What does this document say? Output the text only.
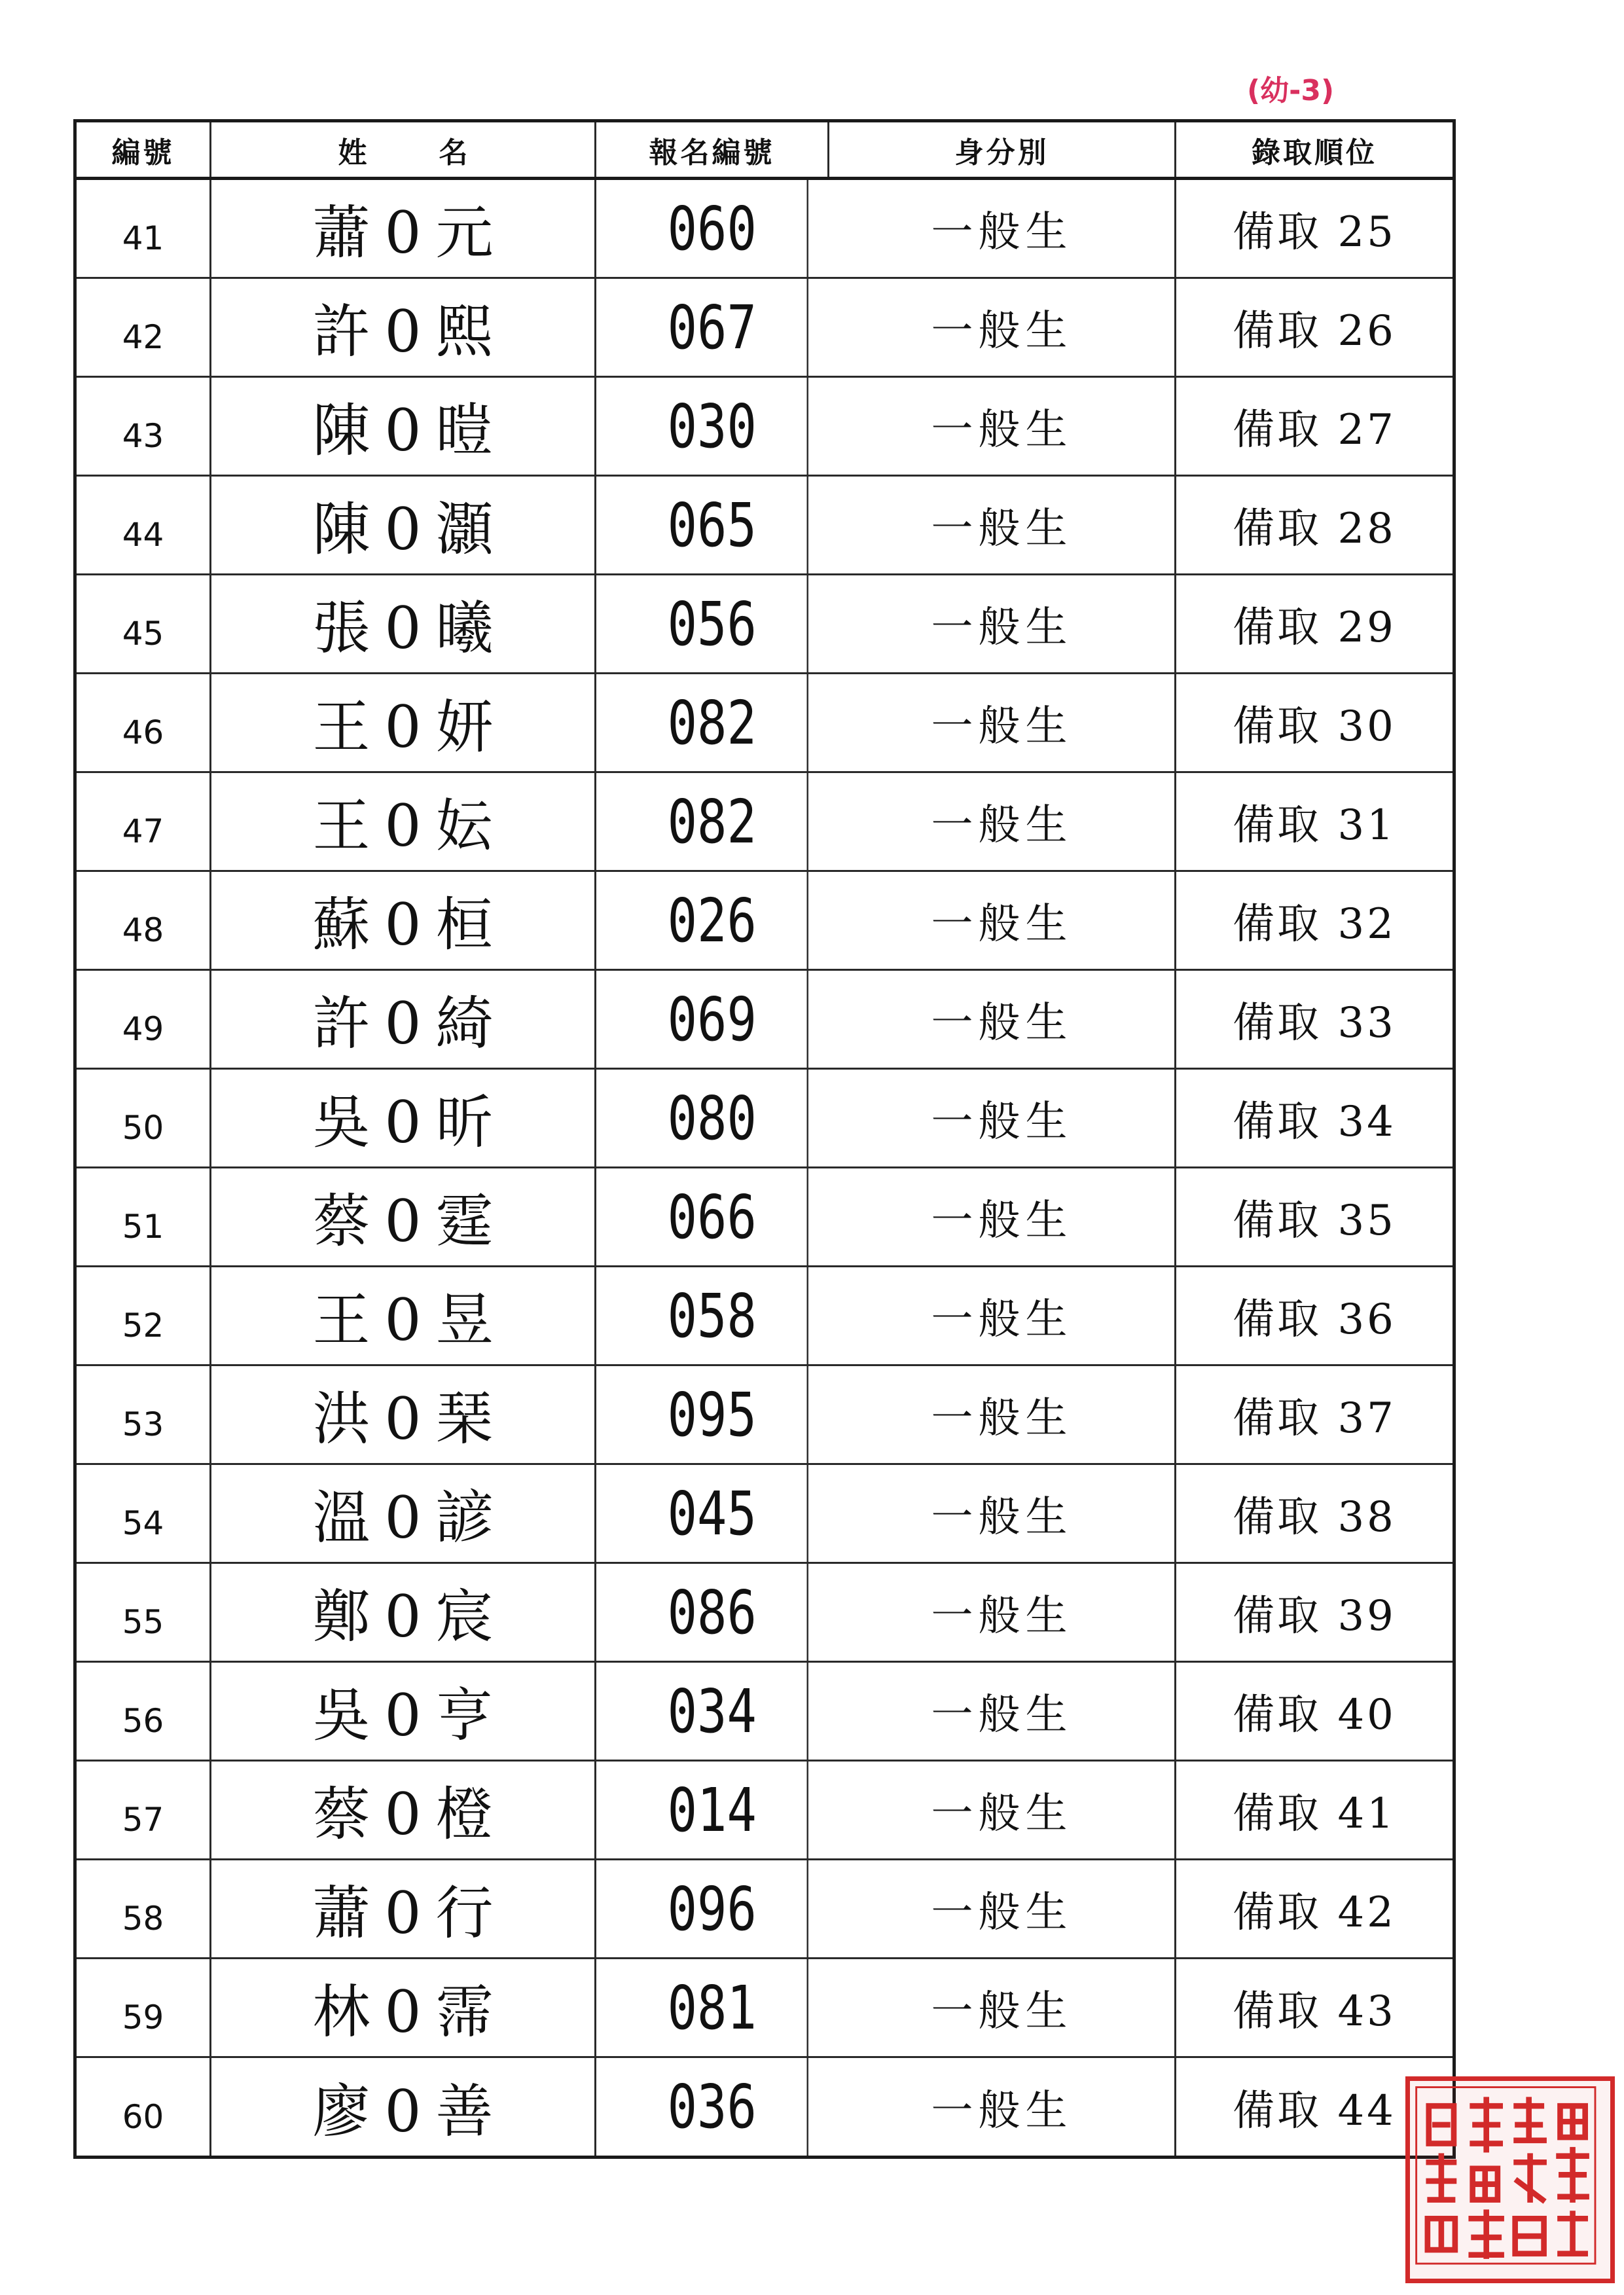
(幼-3)
編號	姓名	報名編號	身分別	錄取順位
41	蕭0元	060	一般生	備取 25
42	許0熙	067	一般生	備取 26
43	陳0暟	030	一般生	備取 27
44	陳0灝	065	一般生	備取 28
45	張0曦	056	一般生	備取 29
46	王0妍	082	一般生	備取 30
47	王0妘	082	一般生	備取 31
48	蘇0桓	026	一般生	備取 32
49	許0綺	069	一般生	備取 33
50	吳0昕	080	一般生	備取 34
51	蔡0霆	066	一般生	備取 35
52	王0昱	058	一般生	備取 36
53	洪0琹	095	一般生	備取 37
54	溫0諺	045	一般生	備取 38
55	鄭0宸	086	一般生	備取 39
56	吳0亨	034	一般生	備取 40
57	蔡0橙	014	一般生	備取 41
58	蕭0行	096	一般生	備取 42
59	林0霈	081	一般生	備取 43
60	廖0善	036	一般生	備取 44
